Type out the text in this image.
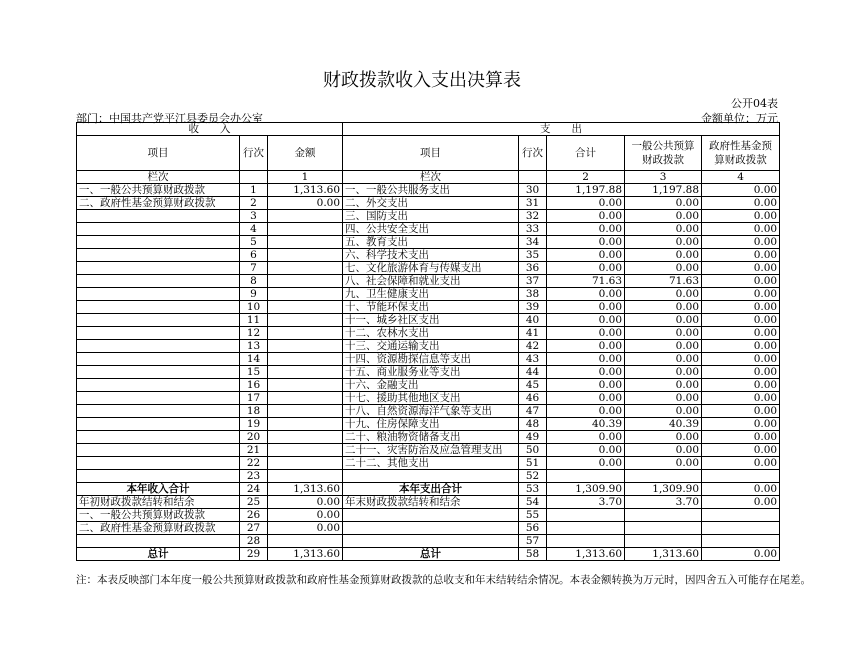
财政拨款收入支出决算表
公开04表
部门：中国共产党平江县委员会办公室	金额单位：万元
收　　入			支　　出				
项目	行次	金额	项目	行次	合计	一般公共预算财政拨款	政府性基金预算财政拨款
栏次		1	栏次		2	3	4
一、一般公共预算财政拨款	1	1,313.60	一、一般公共服务支出	30	1,197.88	1,197.88	0.00
二、政府性基金预算财政拨款	2	0.00	二、外交支出	31	0.00	0.00	0.00
	3		三、国防支出	32	0.00	0.00	0.00
	4		四、公共安全支出	33	0.00	0.00	0.00
	5		五、教育支出	34	0.00	0.00	0.00
	6		六、科学技术支出	35	0.00	0.00	0.00
	7		七、文化旅游体育与传媒支出	36	0.00	0.00	0.00
	8		八、社会保障和就业支出	37	71.63	71.63	0.00
	9		九、卫生健康支出	38	0.00	0.00	0.00
	10		十、节能环保支出	39	0.00	0.00	0.00
	11		十一、城乡社区支出	40	0.00	0.00	0.00
	12		十二、农林水支出	41	0.00	0.00	0.00
	13		十三、交通运输支出	42	0.00	0.00	0.00
	14		十四、资源勘探信息等支出	43	0.00	0.00	0.00
	15		十五、商业服务业等支出	44	0.00	0.00	0.00
	16		十六、金融支出	45	0.00	0.00	0.00
	17		十七、援助其他地区支出	46	0.00	0.00	0.00
	18		十八、自然资源海洋气象等支出	47	0.00	0.00	0.00
	19		十九、住房保障支出	48	40.39	40.39	0.00
	20		二十、粮油物资储备支出	49	0.00	0.00	0.00
	21		二十一、灾害防治及应急管理支出	50	0.00	0.00	0.00
	22		二十二、其他支出	51	0.00	0.00	0.00
	23			52			
本年收入合计	24	1,313.60	本年支出合计	53	1,309.90	1,309.90	0.00
年初财政拨款结转和结余	25	0.00	年末财政拨款结转和结余	54	3.70	3.70	0.00
一、一般公共预算财政拨款	26	0.00		55			
二、政府性基金预算财政拨款	27	0.00		56			
	28			57			
总计	29	1,313.60	总计	58	1,313.60	1,313.60	0.00
注：本表反映部门本年度一般公共预算财政拨款和政府性基金预算财政拨款的总收支和年末结转结余情况。本表金额转换为万元时，因四舍五入可能存在尾差。
